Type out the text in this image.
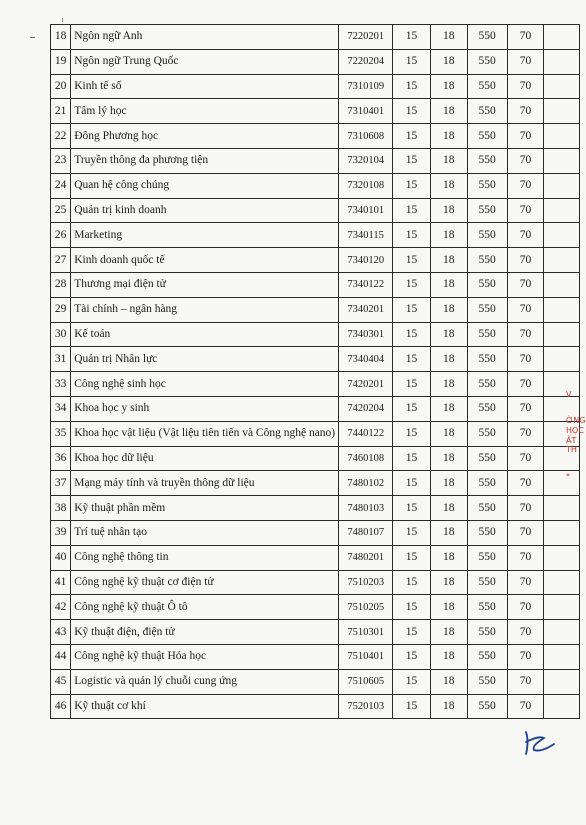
18	Ngôn ngữ Anh	7220201	15	18	550	70	
19	Ngôn ngữ Trung Quốc	7220204	15	18	550	70	
20	Kinh tế số	7310109	15	18	550	70	
21	Tâm lý học	7310401	15	18	550	70	
22	Đông Phương học	7310608	15	18	550	70	
23	Truyền thông đa phương tiện	7320104	15	18	550	70	
24	Quan hệ công chúng	7320108	15	18	550	70	
25	Quản trị kinh doanh	7340101	15	18	550	70	
26	Marketing	7340115	15	18	550	70	
27	Kinh doanh quốc tế	7340120	15	18	550	70	
28	Thương mại điện tử	7340122	15	18	550	70	
29	Tài chính – ngân hàng	7340201	15	18	550	70	
30	Kế toán	7340301	15	18	550	70	
31	Quản trị Nhân lực	7340404	15	18	550	70	
33	Công nghệ sinh học	7420201	15	18	550	70	
34	Khoa học y sinh	7420204	15	18	550	70	
35	Khoa học vật liệu (Vật liệu tiên tiến và Công nghệ nano)	7440122	15	18	550	70	
36	Khoa học dữ liệu	7460108	15	18	550	70	
37	Mạng máy tính và truyền thông dữ liệu	7480102	15	18	550	70	
38	Kỹ thuật phần mềm	7480103	15	18	550	70	
39	Trí tuệ nhân tạo	7480107	15	18	550	70	
40	Công nghệ thông tin	7480201	15	18	550	70	
41	Công nghệ kỹ thuật cơ điện tử	7510203	15	18	550	70	
42	Công nghệ kỹ thuật Ô tô	7510205	15	18	550	70	
43	Kỹ thuật điện, điện tử	7510301	15	18	550	70	
44	Công nghệ kỹ thuật Hóa học	7510401	15	18	550	70	
45	Logistic và quản lý chuỗi cung ứng	7510605	15	18	550	70	
46	Kỹ thuật cơ khí	7520103	15	18	550	70	
V
ỜNG
HỌC
ẤT TH
*
